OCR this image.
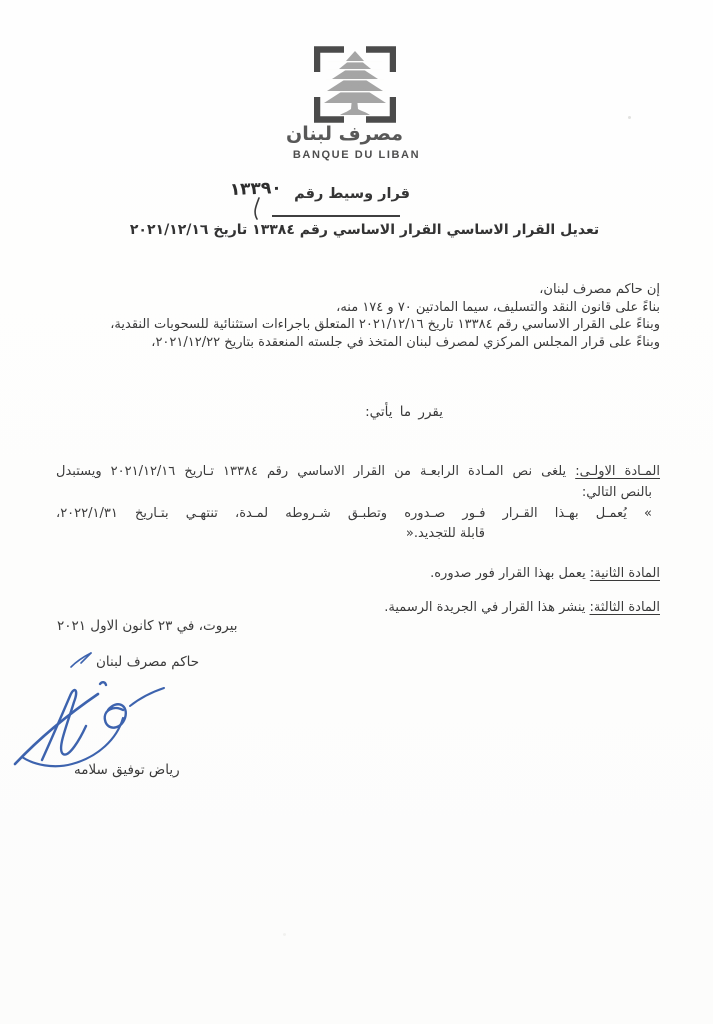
مصرف لبنان
BANQUE DU LIBAN
قرار وسيط رقم١٣٣٩٠
تعديل القرار الاساسي القرار الاساسي رقم ١٣٣٨٤ تاريخ ٢٠٢١/١٢/١٦
إن حاكم مصرف لبنان،
بناءً على قانون النقد والتسليف، سيما المادتين ٧٠ و ١٧٤ منه،
وبناءً على القرار الاساسي رقم ١٣٣٨٤ تاريخ ٢٠٢١/١٢/١٦ المتعلق باجراءات استثنائية للسحوبات النقدية،
وبناءً على قرار المجلس المركزي لمصرف لبنان المتخذ في جلسته المنعقدة بتاريخ ٢٠٢١/١٢/٢٢،
يقرر ما يأتي:
المـادة الاولـى: يلغى نص المـادة الرابعـة من القرار الاساسي رقم ١٣٣٨٤ تـاريخ ٢٠٢١/١٢/١٦ ويستبدل
بالنص التالي:
« يُعمـل بهـذا القـرار فـور صـدوره وتطبـق شـروطه لمـدة، تنتهـي بتـاريخ ٢٠٢٢/١/٣١،
قابلة للتجديد.»
المادة الثانية: يعمل بهذا القرار فور صدوره.
المادة الثالثة: ينشر هذا القرار في الجريدة الرسمية.
بيروت، في ٢٣ كانون الاول ٢٠٢١
حاكم مصرف لبنان
رياض توفيق سلامه
